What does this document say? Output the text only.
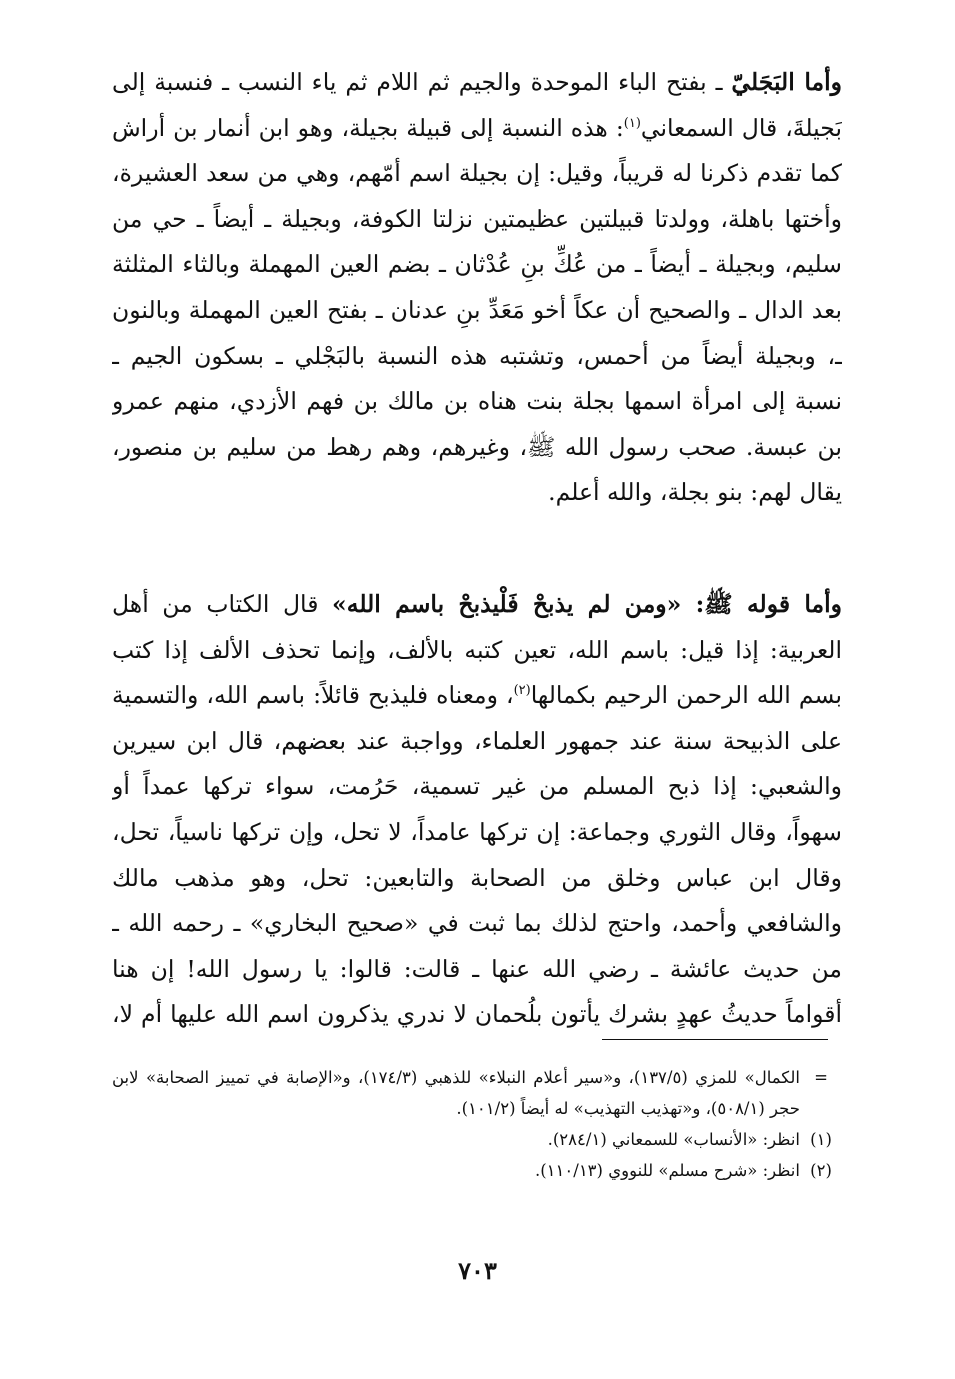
وأما البَجَليّ ـ بفتح الباء الموحدة والجيم ثم اللام ثم ياء النسب ـ فنسبة إلى بَجيلةَ، قال السمعاني$^{(١)}$: هذه النسبة إلى قبيلة بجيلة، وهو ابن أنمار بن أراش كما تقدم ذكرنا له قريباً، وقيل: إن بجيلة اسم أمّهم، وهي من سعد العشيرة، وأختها باهلة، وولدتا قبيلتين عظيمتين نزلتا الكوفة، وبجيلة ـ أيضاً ـ حي من سليم، وبجيلة ـ أيضاً ـ من عُكِّ بنِ عُدْثان ـ بضم العين المهملة وبالثاء المثلثة بعد الدال ـ والصحيح أن عكاً أخو مَعَدِّ بنِ عدنان ـ بفتح العين المهملة وبالنون ـ، وبجيلة أيضاً من أحمس، وتشتبه هذه النسبة بالبَجْلي ـ بسكون الجيم ـ نسبة إلى امرأة اسمها بجلة بنت هناه بن مالك بن فهم الأزدي، منهم عمرو بن عبسة. صحب رسول الله ﷺ، وغيرهم، وهم رهط من سليم بن منصور، يقال لهم: بنو بجلة، والله أعلم.

وأما قوله ﷺ: «ومن لم يذبحْ فَلْيذبحْ باسم الله» قال الكتاب من أهل العربية: إذا قيل: باسم الله، تعين كتبه بالألف، وإنما تحذف الألف إذا كتب بسم الله الرحمن الرحيم بكمالها$^{(٢)}$، ومعناه فليذبح قائلاً: باسم الله، والتسمية على الذبيحة سنة عند جمهور العلماء، وواجبة عند بعضهم، قال ابن سيرين والشعبي: إذا ذبح المسلم من غير تسمية، حَرُمت، سواء تركها عمداً أو سهواً، وقال الثوري وجماعة: إن تركها عامداً، لا تحل، وإن تركها ناسياً، تحل، وقال ابن عباس وخلق من الصحابة والتابعين: تحل، وهو مذهب مالك والشافعي وأحمد، واحتج لذلك بما ثبت في «صحيح البخاري» ـ رحمه الله ـ من حديث عائشة ـ رضي الله عنها ـ قالت: قالوا: يا رسول الله! إن هنا أقواماً حديثُ عهدٍ بشرك يأتون بلُحمان لا ندري يذكرون اسم الله عليها أم لا،

=
الكمال» للمزي (١٣٧/٥)، و«سير أعلام النبلاء» للذهبي (١٧٤/٣)، و«الإصابة في تمييز الصحابة» لابن حجر (٥٠٨/١)، و«تهذيب التهذيب» له أيضاً (١٠١/٢).
(١)
انظر: «الأنساب» للسمعاني (٢٨٤/١).
(٢)
انظر: «شرح مسلم» للنووي (١١٠/١٣).
٧٠٣
